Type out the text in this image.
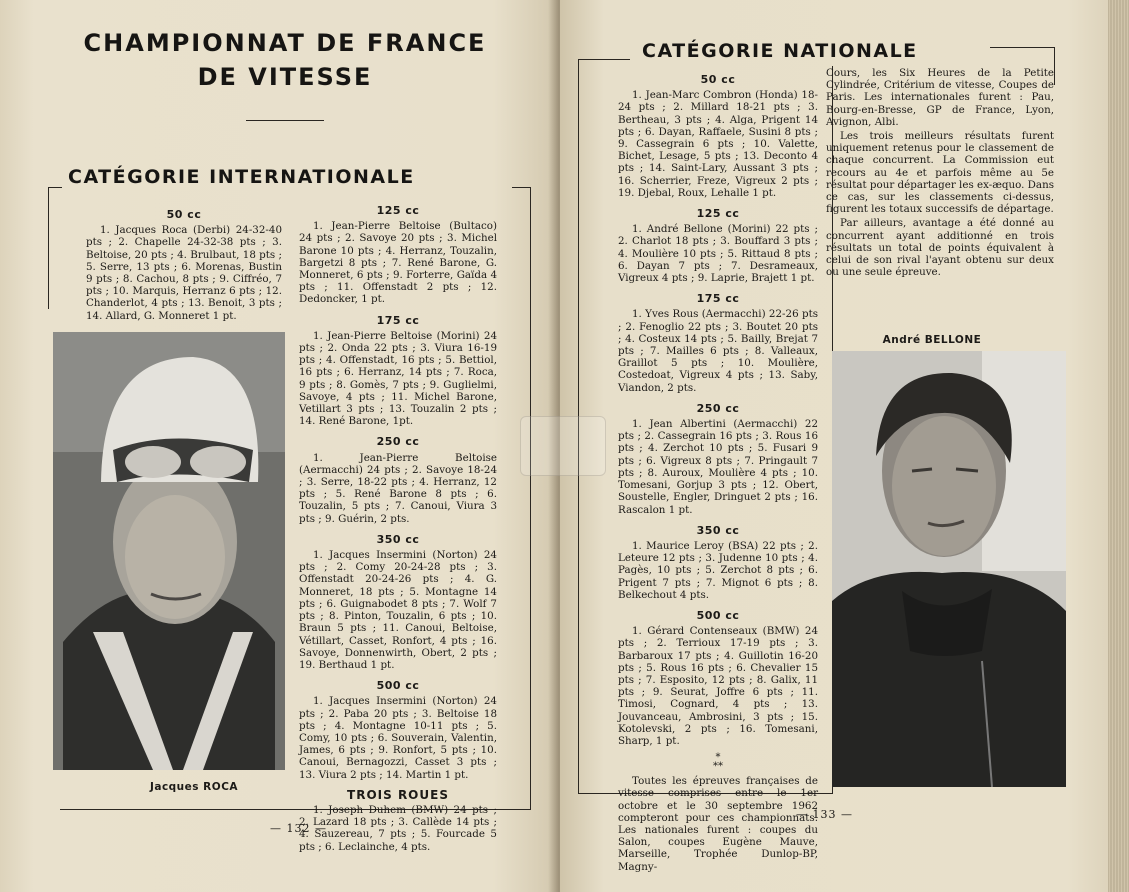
CHAMPIONNAT DE FRANCE
DE VITESSE
CATÉGORIE INTERNATIONALE
50 cc

1. Jacques Roca (Derbi) 24-32-40 pts ; 2. Chapelle 24-32-38 pts ; 3. Beltoise, 20 pts ; 4. Brulbaut, 18 pts ; 5. Serre, 13 pts ; 6. Morenas, Bustin 9 pts ; 8. Cachou, 8 pts ; 9. Ciffréo, 7 pts ; 10. Marquis, Herranz 6 pts ; 12. Chanderlot, 4 pts ; 13. Benoit, 3 pts ; 14. Allard, G. Monneret 1 pt.

125 cc

1. Jean-Pierre Beltoise (Bultaco) 24 pts ; 2. Savoye 20 pts ; 3. Michel Barone 10 pts ; 4. Herranz, Touzalin, Bargetzi 8 pts ; 7. René Barone, G. Monneret, 6 pts ; 9. Forterre, Gaïda 4 pts ; 11. Offenstadt 2 pts ; 12. Dedoncker, 1 pt.

175 cc

1. Jean-Pierre Beltoise (Morini) 24 pts ; 2. Onda 22 pts ; 3. Viura 16-19 pts ; 4. Offenstadt, 16 pts ; 5. Bettiol, 16 pts ; 6. Herranz, 14 pts ; 7. Roca, 9 pts ; 8. Gomès, 7 pts ; 9. Guglielmi, Savoye, 4 pts ; 11. Michel Barone, Vetillart 3 pts ; 13. Touzalin 2 pts ; 14. René Barone, 1pt.

250 cc

1. Jean-Pierre Beltoise (Aermacchi) 24 pts ; 2. Savoye 18-24 ; 3. Serre, 18-22 pts ; 4. Herranz, 12 pts ; 5. René Barone 8 pts ; 6. Touzalin, 5 pts ; 7. Canoui, Viura 3 pts ; 9. Guérin, 2 pts.

350 cc

1. Jacques Insermini (Norton) 24 pts ; 2. Comy 20-24-28 pts ; 3. Offenstadt 20-24-26 pts ; 4. G. Monneret, 18 pts ; 5. Montagne 14 pts ; 6. Guignabodet 8 pts ; 7. Wolf 7 pts ; 8. Pinton, Touzalin, 6 pts ; 10. Braun 5 pts ; 11. Canoui, Beltoise, Vétillart, Casset, Ronfort, 4 pts ; 16. Savoye, Donnenwirth, Obert, 2 pts ; 19. Berthaud 1 pt.

500 cc

1. Jacques Insermini (Norton) 24 pts ; 2. Paba 20 pts ; 3. Beltoise 18 pts ; 4. Montagne 10-11 pts ; 5. Comy, 10 pts ; 6. Souverain, Valentin, James, 6 pts ; 9. Ronfort, 5 pts ; 10. Canoui, Bernagozzi, Casset 3 pts ; 13. Viura 2 pts ; 14. Martin 1 pt.

TROIS ROUES

1. Joseph Duhem (BMW) 24 pts ; 2. Lazard 18 pts ; 3. Callède 14 pts ; 4. Sauzereau, 7 pts ; 5. Fourcade 5 pts ; 6. Leclainche, 4 pts.

Jacques ROCA
— 132 —
CATÉGORIE NATIONALE
50 cc

1. Jean-Marc Combron (Honda) 18-24 pts ; 2. Millard 18-21 pts ; 3. Bertheau, 3 pts ; 4. Alga, Prigent 14 pts ; 6. Dayan, Raffaele, Susini 8 pts ; 9. Cassegrain 6 pts ; 10. Valette, Bichet, Lesage, 5 pts ; 13. Deconto 4 pts ; 14. Saint-Lary, Aussant 3 pts ; 16. Scherrier, Freze, Vigreux 2 pts ; 19. Djebal, Roux, Lehalle 1 pt.

125 cc

1. André Bellone (Morini) 22 pts ; 2. Charlot 18 pts ; 3. Bouffard 3 pts ; 4. Moulière 10 pts ; 5. Rittaud 8 pts ; 6. Dayan 7 pts ; 7. Desrameaux, Vigreux 4 pts ; 9. Laprie, Brajett 1 pt.

175 cc

1. Yves Rous (Aermacchi) 22-26 pts ; 2. Fenoglio 22 pts ; 3. Boutet 20 pts ; 4. Costeux 14 pts ; 5. Bailly, Brejat 7 pts ; 7. Mailles 6 pts ; 8. Valleaux, Graillot 5 pts ; 10. Moulière, Costedoat, Vigreux 4 pts ; 13. Saby, Viandon, 2 pts.

250 cc

1. Jean Albertini (Aermacchi) 22 pts ; 2. Cassegrain 16 pts ; 3. Rous 16 pts ; 4. Zerchot 10 pts ; 5. Fusari 9 pts ; 6. Vigreux 8 pts ; 7. Pringault 7 pts ; 8. Auroux, Moulière 4 pts ; 10. Tomesani, Gorjup 3 pts ; 12. Obert, Soustelle, Engler, Dringuet 2 pts ; 16. Rascalon 1 pt.

350 cc

1. Maurice Leroy (BSA) 22 pts ; 2. Leteure 12 pts ; 3. Judenne 10 pts ; 4. Pagès, 10 pts ; 5. Zerchot 8 pts ; 6. Prigent 7 pts ; 7. Mignot 6 pts ; 8. Belkechout 4 pts.

500 cc

1. Gérard Contenseaux (BMW) 24 pts ; 2. Terrioux 17-19 pts ; 3. Barbaroux 17 pts ; 4. Guillotin 16-20 pts ; 5. Rous 16 pts ; 6. Chevalier 15 pts ; 7. Esposito, 12 pts ; 8. Galix, 11 pts ; 9. Seurat, Joffre 6 pts ; 11. Timosi, Cognard, 4 pts ; 13. Jouvanceau, Ambrosini, 3 pts ; 15. Kotolevski, 2 pts ; 16. Tomesani, Sharp, 1 pt.

*
**

Toutes les épreuves françaises de vitesse comprises entre le 1er octobre et le 30 septembre 1962 compteront pour ces championnats. Les nationales furent : coupes du Salon, coupes Eugène Mauve, Marseille, Trophée Dunlop-BP, Magny-

Cours, les Six Heures de la Petite Cylindrée, Critérium de vitesse, Coupes de Paris. Les internationales furent : Pau, Bourg-en-Bresse, GP de France, Lyon, Avignon, Albi.

Les trois meilleurs résultats furent uniquement retenus pour le classement de chaque concurrent. La Commission eut recours au 4e et parfois même au 5e résultat pour départager les ex-æquo. Dans ce cas, sur les classements ci-dessus, figurent les totaux successifs de départage.

Par ailleurs, avantage a été donné au concurrent ayant additionné en trois résultats un total de points équivalent à celui de son rival l'ayant obtenu sur deux ou une seule épreuve.

André BELLONE
— 133 —
